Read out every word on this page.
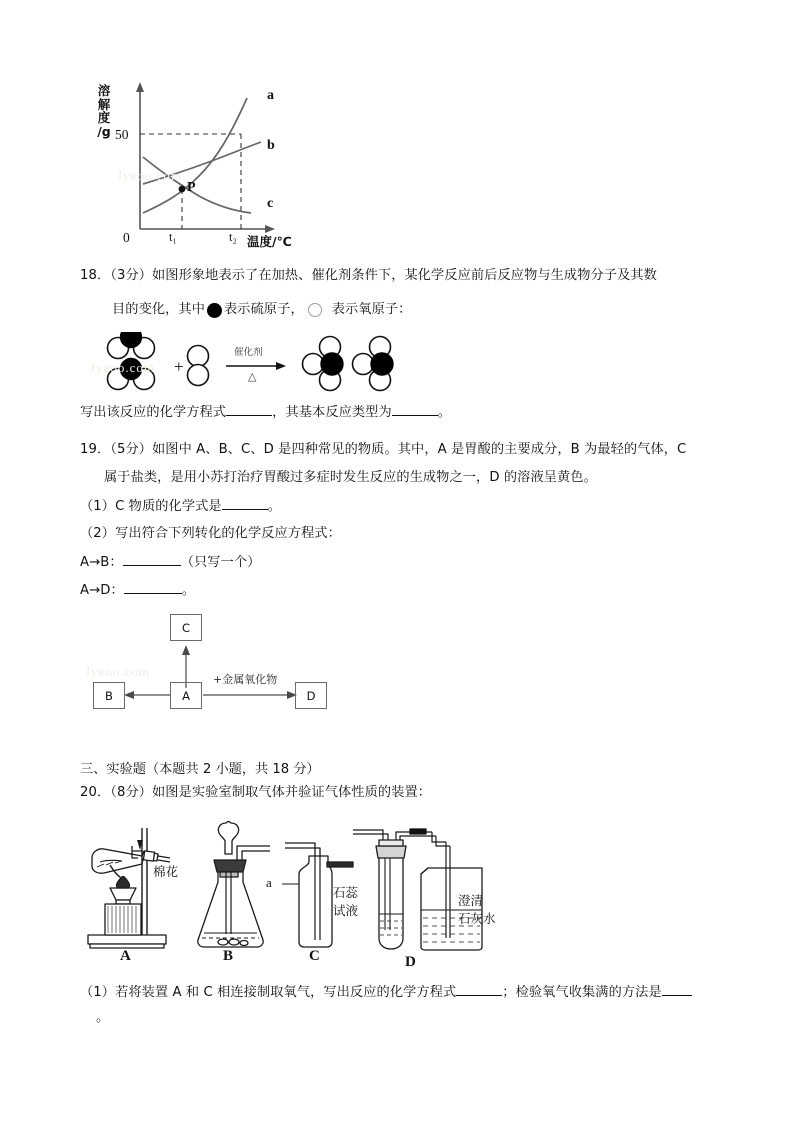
溶
解
度
/g 50
0	t₁	t₂ 温度/℃
a
b
c
P
Jyeoo.com
18．（3分）如图形象地表示了在加热、催化剂条件下，某化学反应前后反应物与生成物分子及其数
目的变化，其中 表示硫原子， 表示氧原子：
+
催化剂
△
Jyeoo.com
写出该反应的化学方程式	，其基本反应类型为	。
19．（5分）如图中 A、B、C、D 是四种常见的物质。其中，A 是胃酸的主要成分，B 为最轻的气体，C
属于盐类，是用小苏打治疗胃酸过多症时发生反应的生成物之一，D 的溶液呈黄色。
（1）C 物质的化学式是	。
（2）写出符合下列转化的化学反应方程式：
A→B：	（只写一个）
A→D：	。
C
A
B	D
+金属氧化物
Jyeoo.com
三、实验题（本题共 2 小题，共 18 分）
20．（8分）如图是实验室制取气体并验证气体性质的装置：
棉花
a
石蕊
试液
澄清
石灰水
A	B	C	D
（1）若将装置 A 和 C 相连接制取氧气，写出反应的化学方程式	；检验氧气收集满的方法是
。
